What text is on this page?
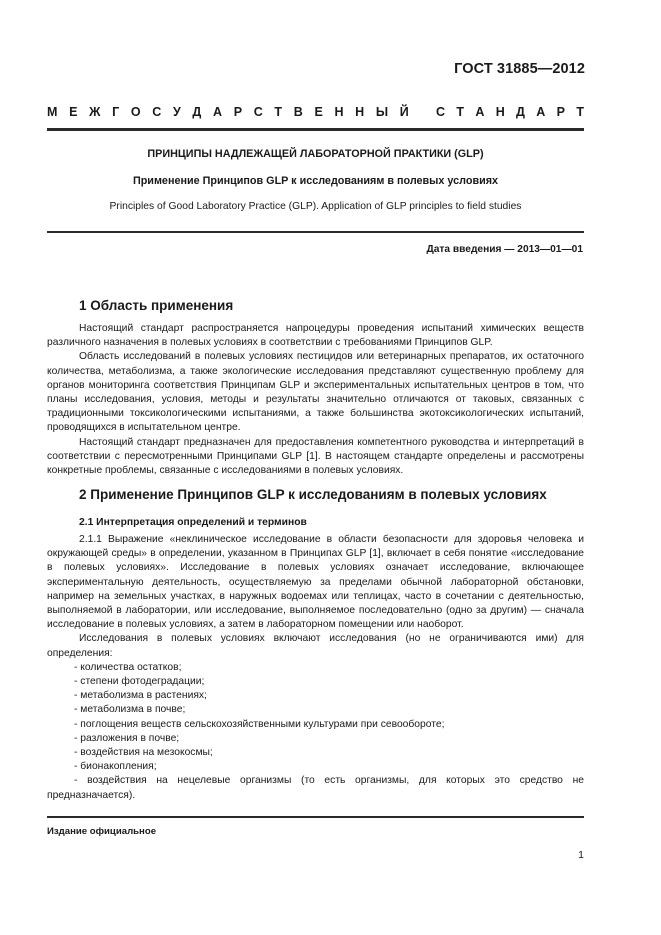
ГОСТ 31885—2012
М Е Ж Г О С У Д А Р С Т В Е Н Н Ы Й С Т А Н Д А Р Т
ПРИНЦИПЫ НАДЛЕЖАЩЕЙ ЛАБОРАТОРНОЙ ПРАКТИКИ (GLP)
Применение Принципов GLP к исследованиям в полевых условиях
Principles of Good Laboratory Practice (GLP). Application of GLP principles to field studies
Дата введения — 2013—01—01
1 Область применения

Настоящий стандарт распространяется напроцедуры проведения испытаний химических веществ различного назначения в полевых условиях в соответствии с требованиями Принципов GLP.

Область исследований в полевых условиях пестицидов или ветеринарных препаратов, их остаточного количества, метаболизма, а также экологические исследования представляют существенную проблему для органов мониторинга соответствия Принципам GLP и экспериментальных испытательных центров в том, что планы исследования, условия, методы и результаты значительно отличаются от таковых, связанных с традиционными токсикологическими испытаниями, а также большинства экотоксикологических испытаний, проводящихся в испытательном центре.

Настоящий стандарт предназначен для предоставления компетентного руководства и интерпретаций в соответствии с пересмотренными Принципами GLP [1]. В настоящем стандарте определены и рассмотрены конкретные проблемы, связанные с исследованиями в полевых условиях.

2 Применение Принципов GLP к исследованиям в полевых условиях
2.1 Интерпретация определений и терминов

2.1.1 Выражение «неклиническое исследование в области безопасности для здоровья человека и окружающей среды» в определении, указанном в Принципах GLP [1], включает в себя понятие «исследование в полевых условиях». Исследование в полевых условиях означает исследование, включающее экспериментальную деятельность, осуществляемую за пределами обычной лабораторной обстановки, например на земельных участках, в наружных водоемах или теплицах, часто в сочетании с деятельностью, выполняемой в лаборатории, или исследование, выполняемое последовательно (одно за другим) — сначала исследование в полевых условиях, а затем в лабораторном помещении или наоборот.

Исследования в полевых условиях включают исследования (но не ограничиваются ими) для определения:

- количества остатков;
- степени фотодеградации;
- метаболизма в растениях;
- метаболизма в почве;
- поглощения веществ сельскохозяйственными культурами при севообороте;
- разложения в почве;
- воздействия на мезокосмы;
- бионакопления;
- воздействия на нецелевые организмы (то есть организмы, для которых это средство не предназначается).
Издание официальное
1
